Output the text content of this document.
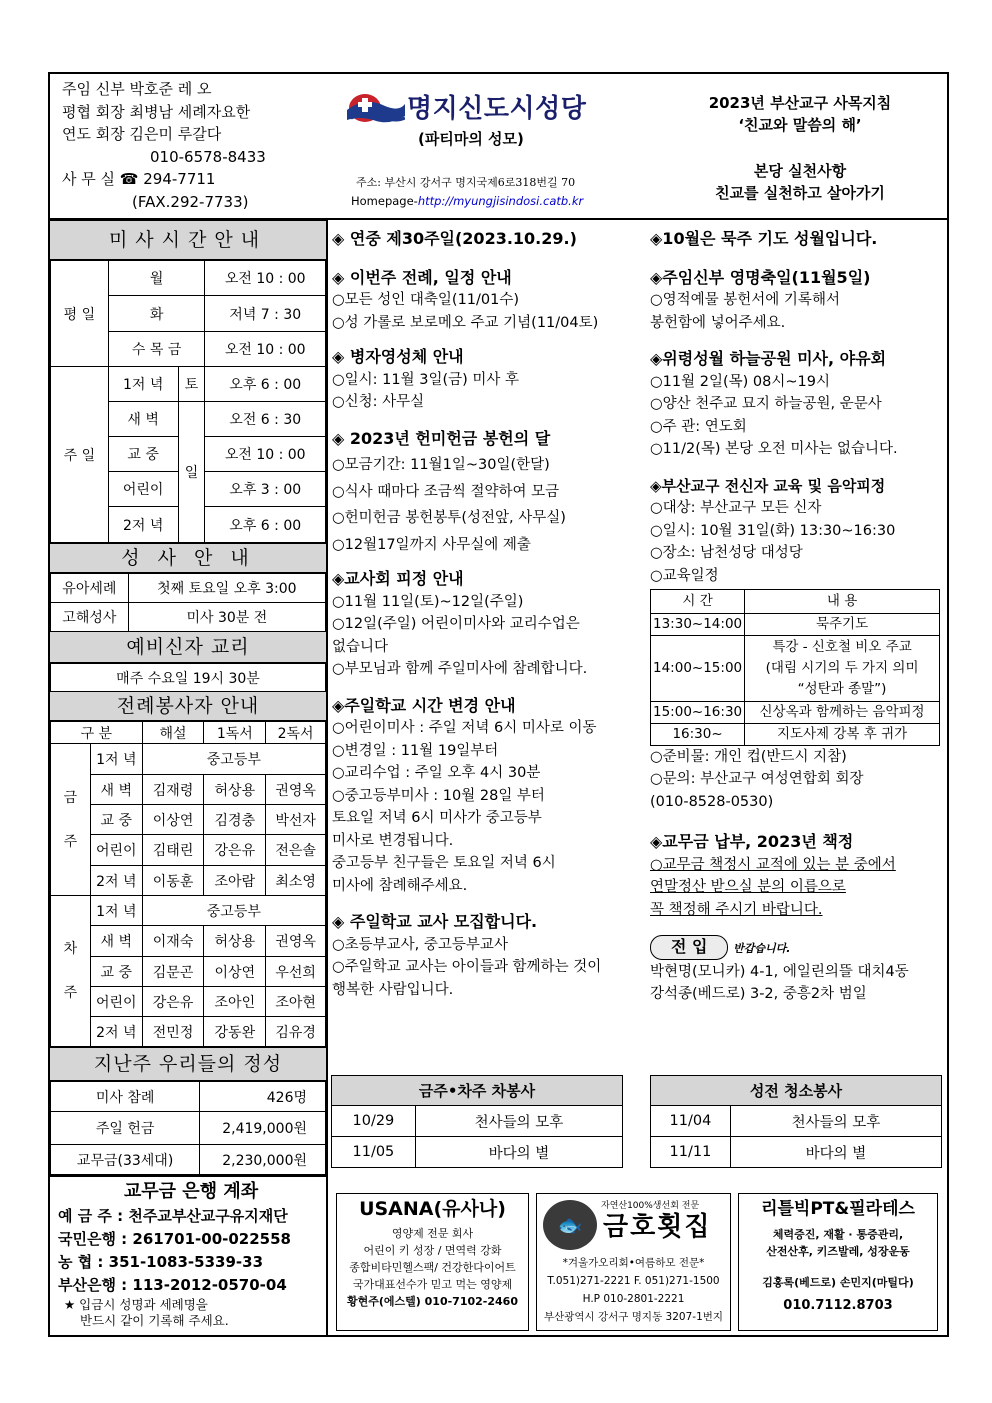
주임 신부 박호준 레 오
평협 회장 최병남 세례자요한
연도 회장 김은미 루갈다
010-6578-8433
사 무 실 ☎ 294-7711
(FAX.292-7733)
명지신도시성당
(파티마의 성모)
주소: 부산시 강서구 명지국제6로318번길 70
Homepage-http://myungjisindosi.catb.kr
2023년 부산교구 사목지침
‘친교와 말씀의 해’
본당 실천사항
친교를 실천하고 살아가기
미사시간안내
평 일	월		오전 10 : 00
	화		저녁 7 : 30
	수 목 금		오전 10 : 00
주 일	1저 녁	토	오후 6 : 00
	새 벽	일	오전 6 : 30
	교 중		오전 10 : 00
	어린이		오후 3 : 00
	2저 녁		오후 6 : 00
성 사 안 내
유아세례	첫째 토요일 오후 3:00
고해성사	미사 30분 전
예비신자 교리
매주 수요일 19시 30분
전례봉사자 안내
구 분		해설	1독서	2독서

금

주	1저 녁	중고등부		
	새 벽	김재령	허상용	권영옥
	교 중	이상연	김경충	박선자
	어린이	김태린	강은유	전은솔
	2저 녁	이동훈	조아람	최소영

차

주	1저 녁	중고등부		
	새 벽	이재숙	허상용	권영옥
	교 중	김문곤	이상연	우선희
	어린이	강은유	조아인	조아현
	2저 녁	전민정	강동완	김유경
지난주 우리들의 정성
미사 참례	426명
주일 헌금	2,419,000원
교무금(33세대)	2,230,000원
교무금 은행 계좌
예 금 주 : 천주교부산교구유지재단
국민은행 : 261701-00-022558
농 협 : 351-1083-5339-33
부산은행 : 113-2012-0570-04
★ 입금시 성명과 세례명을
반드시 같이 기록해 주세요.
◈ 연중 제30주일(2023.10.29.)
◈ 이번주 전례, 일정 안내
○모든 성인 대축일(11/01수)
○성 가롤로 보로메오 주교 기념(11/04토)
◈ 병자영성체 안내
○일시: 11월 3일(금) 미사 후
○신청: 사무실
◈ 2023년 헌미헌금 봉헌의 달
○모금기간: 11월1일~30일(한달)
○식사 때마다 조금씩 절약하여 모금
○헌미헌금 봉헌봉투(성전앞, 사무실)
○12월17일까지 사무실에 제출
◈교사회 피정 안내
○11월 11일(토)~12일(주일)
○12일(주일) 어린이미사와 교리수업은
없습니다
○부모님과 함께 주일미사에 참례합니다.
◈주일학교 시간 변경 안내
○어린이미사 : 주일 저녁 6시 미사로 이동
○변경일 : 11월 19일부터
○교리수업 : 주일 오후 4시 30분
○중고등부미사 : 10월 28일 부터
토요일 저녁 6시 미사가 중고등부
미사로 변경됩니다.
중고등부 친구들은 토요일 저녁 6시
미사에 참례해주세요.
◈ 주일학교 교사 모집합니다.
○초등부교사, 중고등부교사
○주일학교 교사는 아이들과 함께하는 것이
행복한 사람입니다.
◈10월은 묵주 기도 성월입니다.
◈주임신부 영명축일(11월5일)
○영적예물 봉헌서에 기록해서
봉헌함에 넣어주세요.
◈위령성월 하늘공원 미사, 야유회
○11월 2일(목) 08시~19시
○양산 천주교 묘지 하늘공원, 운문사
○주 관: 연도회
○11/2(목) 본당 오전 미사는 없습니다.
◈부산교구 전신자 교육 및 음악피정
○대상: 부산교구 모든 신자
○일시: 10월 31일(화) 13:30~16:30
○장소: 남천성당 대성당
○교육일정
시 간	내 용
13:30~14:00	묵주기도
14:00~15:00	특강 - 신호철 비오 주교
(대림 시기의 두 가지 의미
“성탄과 종말”)
15:00~16:30	신상옥과 함께하는 음악피정
16:30~	지도사제 강복 후 귀가
○준비물: 개인 컵(반드시 지참)
○문의: 부산교구 여성연합회 회장
(010-8528-0530)
◈교무금 납부, 2023년 책정
○교무금 책정시 교적에 있는 분 중에서
연말정산 받으실 분의 이름으로
꼭 책정해 주시기 바랍니다.
전 입 반갑습니다.
박현명(모니카) 4-1, 에일린의뜰 대치4동
강석종(베드로) 3-2, 중흥2차 범일
금주•차주 차봉사	
10/29	천사들의 모후
11/05	바다의 별
성전 청소봉사	
11/04	천사들의 모후
11/11	바다의 별
USANA(유사나)
영양제 전문 회사
어린이 키 성장 / 면역력 강화
종합비타민헬스팩/ 건강한다이어트
국가대표선수가 믿고 먹는 영양제
황현주(에스텔) 010-7102-2460
🐟
자연산100%생선회 전문
금호횟집
*겨울가오리회•여름하모 전문*
T.051)271-2221 F. 051)271-1500
H.P 010-2801-2221
부산광역시 강서구 명지동 3207-1번지
리틀빅PT&필라테스
체력증진, 재활 · 통증관리,
산전산후, 키즈발레, 성장운동
김홍록(베드로) 손민지(마틸다)
010.7112.8703
